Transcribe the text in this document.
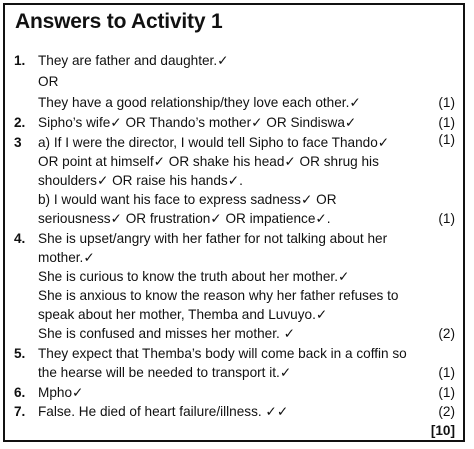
Answers to Activity 1
1. They are father and daughter.✓
OR
They have a good relationship/they love each other.✓	(1)
2. Sipho’s wife✓ OR Thando’s mother✓ OR Sindiswa✓	(1)
3 a) If I were the director, I would tell Sipho to face Thando✓	(1)
OR point at himself✓ OR shake his head✓ OR shrug his
shoulders✓ OR raise his hands✓.
b) I would want his face to express sadness✓ OR
seriousness✓ OR frustration✓ OR impatience✓.	(1)
4. She is upset/angry with her father for not talking about her
mother.✓
She is curious to know the truth about her mother.✓
She is anxious to know the reason why her father refuses to
speak about her mother, Themba and Luvuyo.✓
She is confused and misses her mother. ✓	(2)
5. They expect that Themba’s body will come back in a coffin so
the hearse will be needed to transport it.✓	(1)
6. Mpho✓	(1)
7. False. He died of heart failure/illness. ✓✓	(2)
[10]
